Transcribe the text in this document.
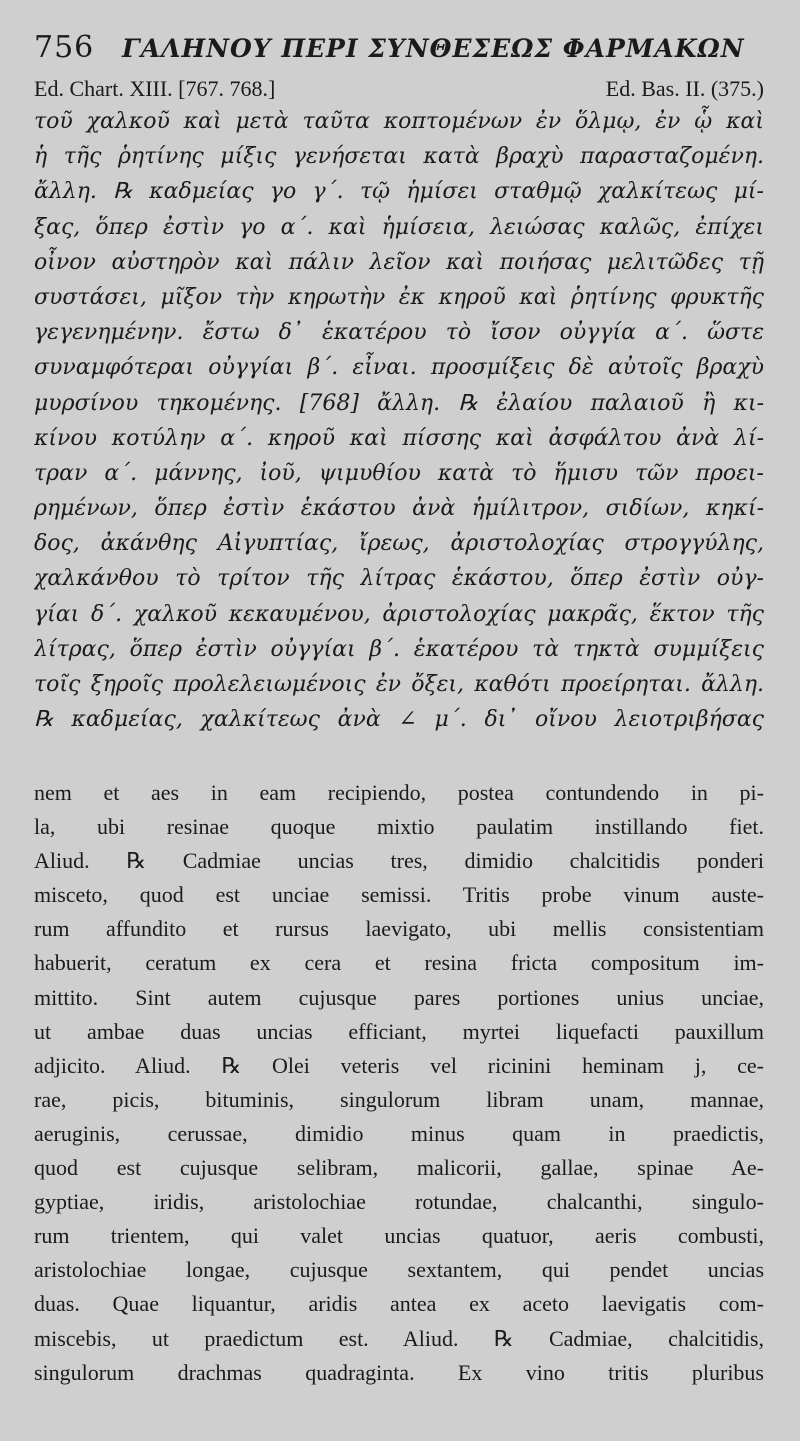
756 ΓΑΛΗΝΟΥ ΠΕΡΙ ΣΥΝΘΕΣΕΩΣ ΦΑΡΜΑΚΩΝ
Ed. Chart. XIII. [767. 768.]	Ed. Bas. II. (375.)
τοῦ χαλκοῦ καὶ μετὰ ταῦτα κοπτομένων ἐν ὅλμῳ, ἐν ᾧ καὶ
ἡ τῆς ῥητίνης μίξις γενήσεται κατὰ βραχὺ παρασταζομένη.
ἄλλη. ℞ καδμείας γο γ΄. τῷ ἡμίσει σταθμῷ χαλκίτεως μί-
ξας, ὅπερ ἐστὶν γο α΄. καὶ ἡμίσεια, λειώσας καλῶς, ἐπίχει
οἶνον αὐστηρὸν καὶ πάλιν λεῖον καὶ ποιήσας μελιτῶδες τῇ
συστάσει, μῖξον τὴν κηρωτὴν ἐκ κηροῦ καὶ ῥητίνης φρυκτῆς
γεγενημένην. ἔστω δ᾽ ἑκατέρου τὸ ἴσον οὐγγία α΄. ὥστε
συναμφότεραι οὐγγίαι β΄. εἶναι. προσμίξεις δὲ αὐτοῖς βραχὺ
μυρσίνου τηκομένης. [768] ἄλλη. ℞ ἐλαίου παλαιοῦ ἢ κι-
κίνου κοτύλην α΄. κηροῦ καὶ πίσσης καὶ ἀσφάλτου ἀνὰ λί-
τραν α΄. μάννης, ἰοῦ, ψιμυθίου κατὰ τὸ ἥμισυ τῶν προει-
ρημένων, ὅπερ ἐστὶν ἑκάστου ἀνὰ ἡμίλιτρον, σιδίων, κηκί-
δος, ἀκάνθης Αἰγυπτίας, ἴρεως, ἀριστολοχίας στρογγύλης,
χαλκάνθου τὸ τρίτον τῆς λίτρας ἑκάστου, ὅπερ ἐστὶν οὐγ-
γίαι δ΄. χαλκοῦ κεκαυμένου, ἀριστολοχίας μακρᾶς, ἕκτον τῆς
λίτρας, ὅπερ ἐστὶν οὐγγίαι β΄. ἑκατέρου τὰ τηκτὰ συμμίξεις
τοῖς ξηροῖς προλελειωμένοις ἐν ὄξει, καθότι προείρηται. ἄλλη.
℞ καδμείας, χαλκίτεως ἀνὰ ∠ μ΄. δι᾽ οἴνου λειοτριβήσας
nem et aes in eam recipiendo, postea contundendo in pi-
la, ubi resinae quoque mixtio paulatim instillando fiet.
Aliud. ℞ Cadmiae uncias tres, dimidio chalcitidis ponderi
misceto, quod est unciae semissi. Tritis probe vinum auste-
rum affundito et rursus laevigato, ubi mellis consistentiam
habuerit, ceratum ex cera et resina fricta compositum im-
mittito. Sint autem cujusque pares portiones unius unciae,
ut ambae duas uncias efficiant, myrtei liquefacti pauxillum
adjicito. Aliud. ℞ Olei veteris vel ricinini heminam j, ce-
rae, picis, bituminis, singulorum libram unam, mannae,
aeruginis, cerussae, dimidio minus quam in praedictis,
quod est cujusque selibram, malicorii, gallae, spinae Ae-
gyptiae, iridis, aristolochiae rotundae, chalcanthi, singulo-
rum trientem, qui valet uncias quatuor, aeris combusti,
aristolochiae longae, cujusque sextantem, qui pendet uncias
duas. Quae liquantur, aridis antea ex aceto laevigatis com-
miscebis, ut praedictum est. Aliud. ℞ Cadmiae, chalcitidis,
singulorum drachmas quadraginta. Ex vino tritis pluribus
